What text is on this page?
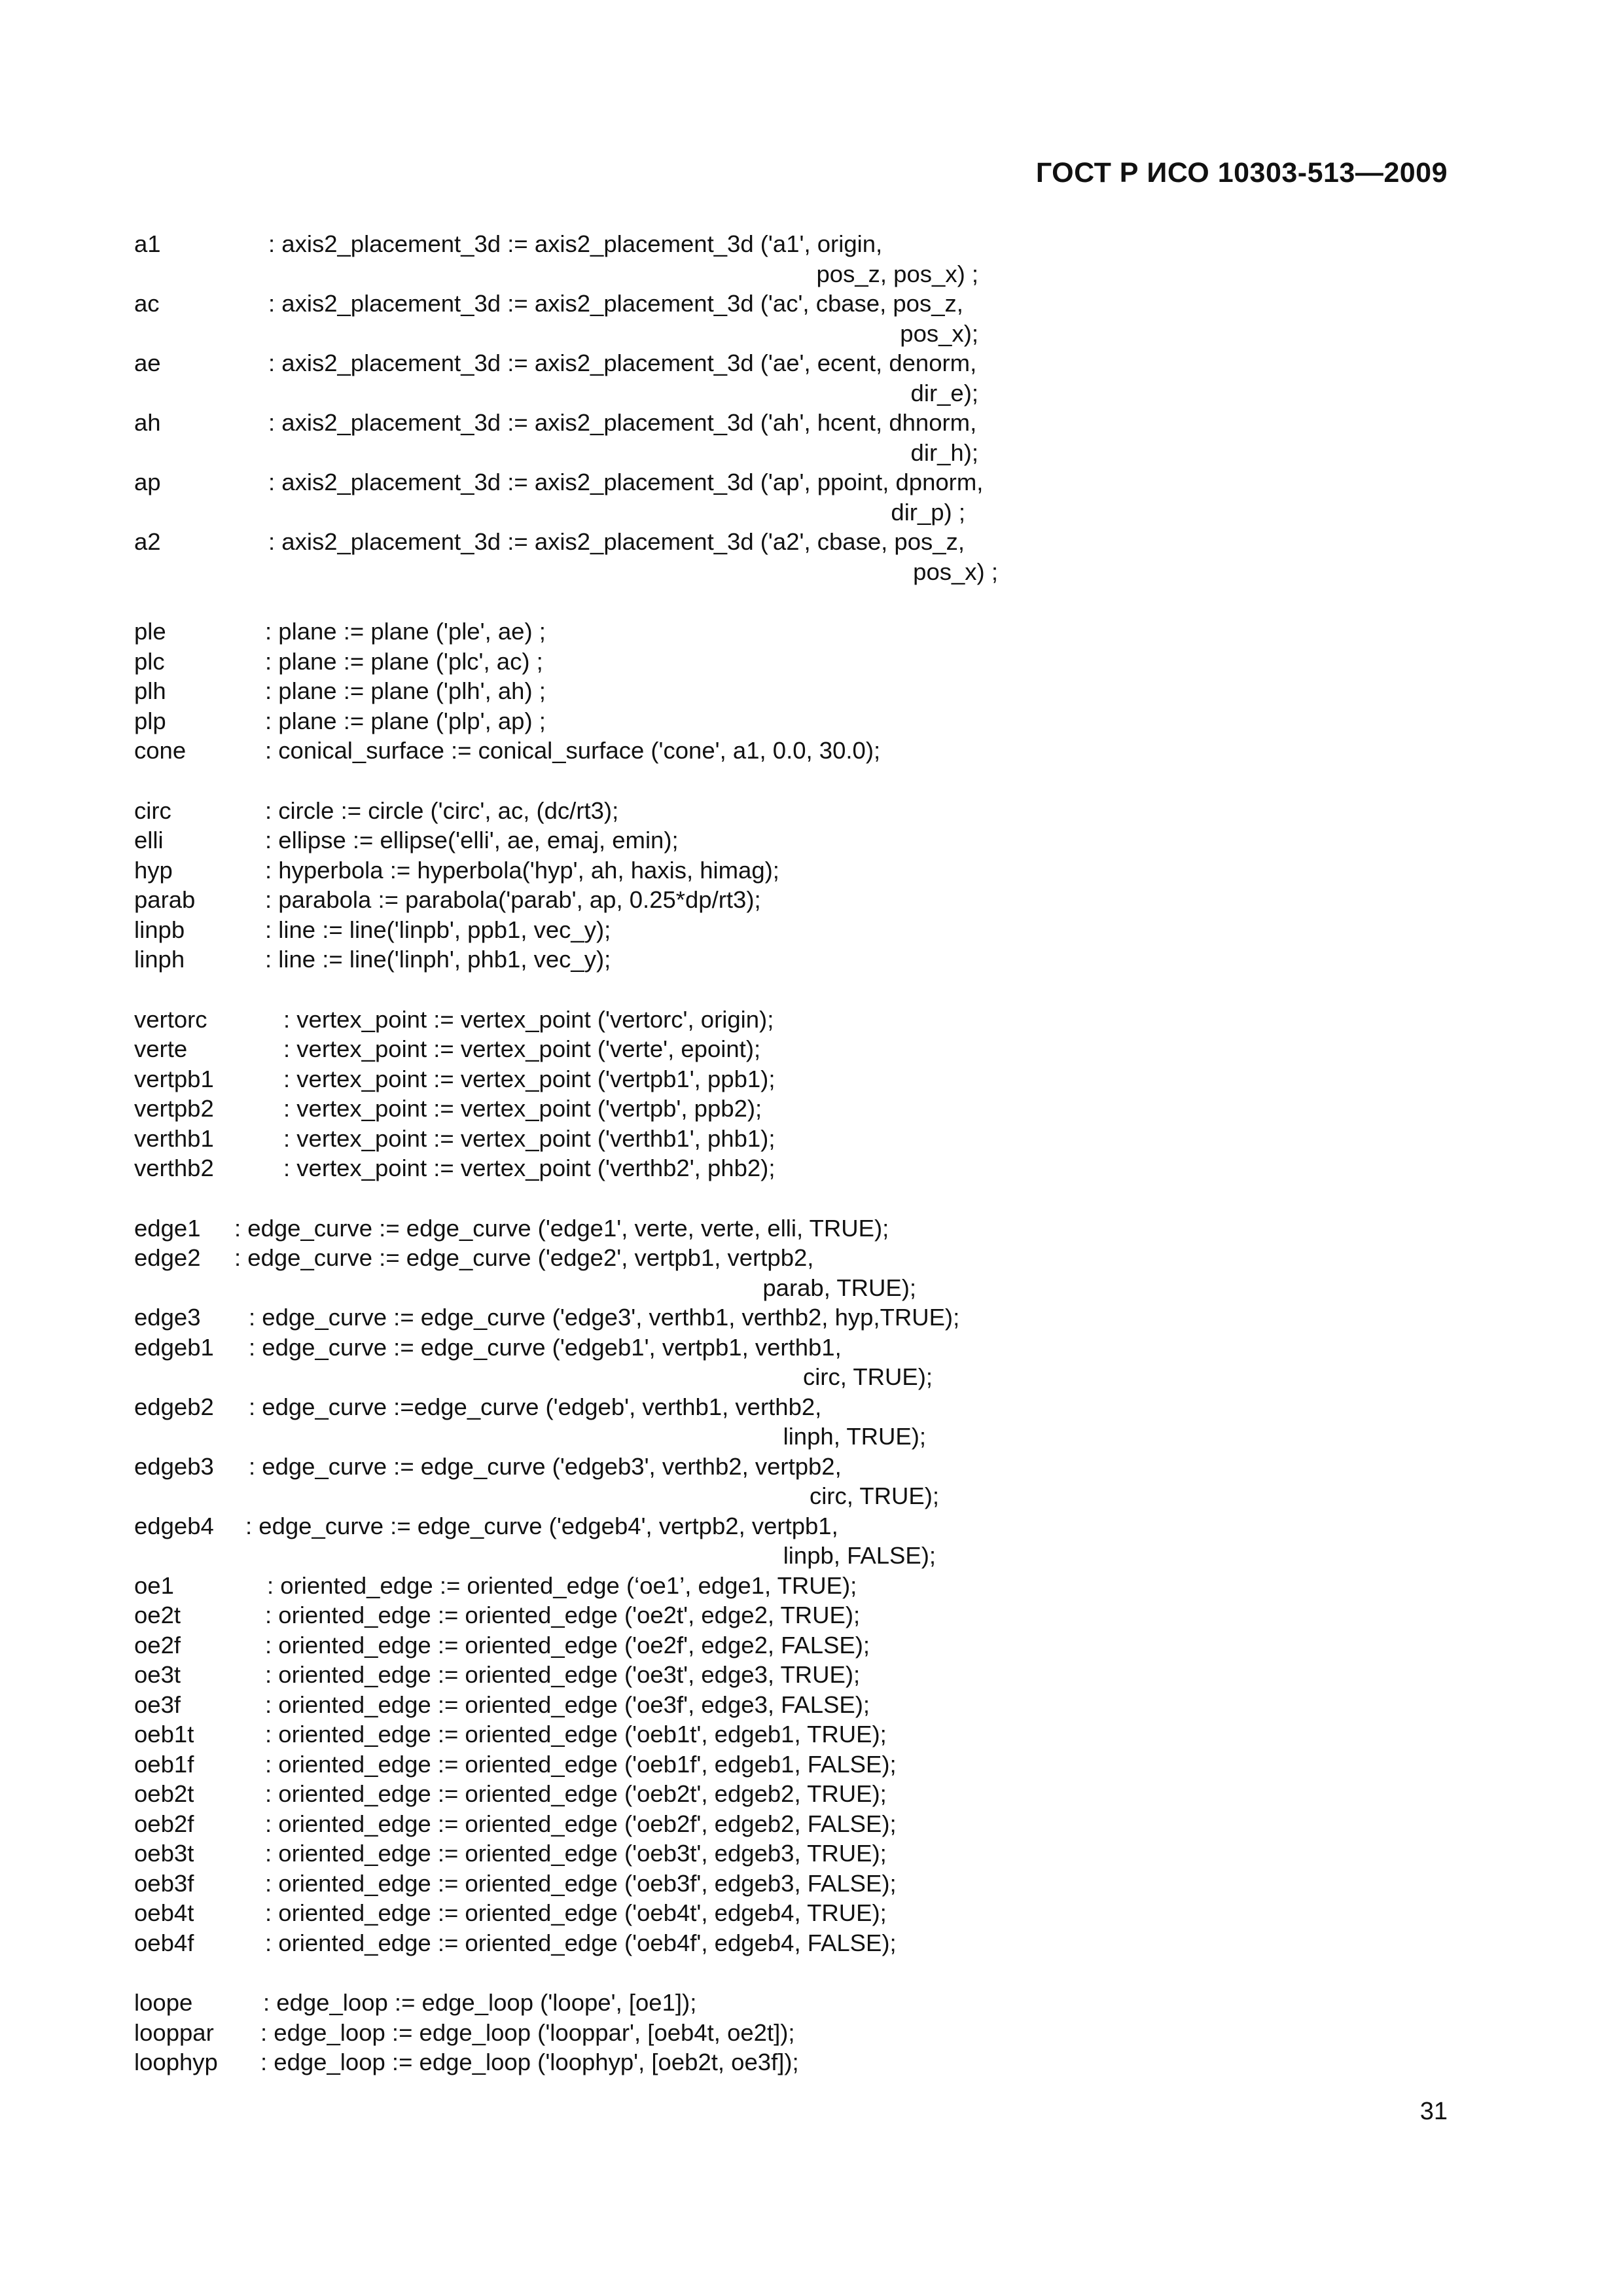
ГОСТ Р ИСО 10303-513—2009
a1	: axis2_placement_3d := axis2_placement_3d ('a1', origin,
pos_z, pos_x) ;
ac	: axis2_placement_3d := axis2_placement_3d ('ac', cbase, pos_z,
pos_x);
ae	: axis2_placement_3d := axis2_placement_3d ('ae', ecent, denorm,
dir_e);
ah	: axis2_placement_3d := axis2_placement_3d ('ah', hcent, dhnorm,
dir_h);
ap	: axis2_placement_3d := axis2_placement_3d ('ap', ppoint, dpnorm,
dir_p) ;
a2	: axis2_placement_3d := axis2_placement_3d ('a2', cbase, pos_z,
pos_x) ;
ple	: plane := plane ('ple', ae) ;
plc	: plane := plane ('plc', ac) ;
plh	: plane := plane ('plh', ah) ;
plp	: plane := plane ('plp', ap) ;
cone	: conical_surface := conical_surface ('cone', a1, 0.0, 30.0);
circ	: circle := circle ('circ', ac, (dc/rt3);
elli	: ellipse := ellipse('elli', ae, emaj, emin);
hyp	: hyperbola := hyperbola('hyp', ah, haxis, himag);
parab	: parabola := parabola('parab', ap, 0.25*dp/rt3);
linpb	: line := line('linpb', ppb1, vec_y);
linph	: line := line('linph', phb1, vec_y);
vertorc	: vertex_point := vertex_point ('vertorc', origin);
verte	: vertex_point := vertex_point ('verte', epoint);
vertpb1	: vertex_point := vertex_point ('vertpb1', ppb1);
vertpb2	: vertex_point := vertex_point ('vertpb', ppb2);
verthb1	: vertex_point := vertex_point ('verthb1', phb1);
verthb2	: vertex_point := vertex_point ('verthb2', phb2);
edge1 : edge_curve := edge_curve ('edge1', verte, verte, elli, TRUE);
edge2 : edge_curve := edge_curve ('edge2', vertpb1, vertpb2,
parab, TRUE);
edge3 : edge_curve := edge_curve ('edge3', verthb1, verthb2, hyp,TRUE);
edgeb1 : edge_curve := edge_curve ('edgeb1', vertpb1, verthb1,
circ, TRUE);
edgeb2 : edge_curve :=edge_curve ('edgeb', verthb1, verthb2,
linph, TRUE);
edgeb3 : edge_curve := edge_curve ('edgeb3', verthb2, vertpb2,
circ, TRUE);
edgeb4 : edge_curve := edge_curve ('edgeb4', vertpb2, vertpb1,
linpb, FALSE);
oe1	: oriented_edge := oriented_edge (‘oe1’, edge1, TRUE);
oe2t	: oriented_edge := oriented_edge ('oe2t', edge2, TRUE);
oe2f	: oriented_edge := oriented_edge ('oe2f', edge2, FALSE);
oe3t	: oriented_edge := oriented_edge ('oe3t', edge3, TRUE);
oe3f	: oriented_edge := oriented_edge ('oe3f', edge3, FALSE);
oeb1t	: oriented_edge := oriented_edge ('oeb1t', edgeb1, TRUE);
oeb1f	: oriented_edge := oriented_edge ('oeb1f', edgeb1, FALSE);
oeb2t	: oriented_edge := oriented_edge ('oeb2t', edgeb2, TRUE);
oeb2f	: oriented_edge := oriented_edge ('oeb2f', edgeb2, FALSE);
oeb3t	: oriented_edge := oriented_edge ('oeb3t', edgeb3, TRUE);
oeb3f	: oriented_edge := oriented_edge ('oeb3f', edgeb3, FALSE);
oeb4t	: oriented_edge := oriented_edge ('oeb4t', edgeb4, TRUE);
oeb4f	: oriented_edge := oriented_edge ('oeb4f', edgeb4, FALSE);
loope	: edge_loop := edge_loop ('loope', [oe1]);
looppar : edge_loop := edge_loop ('looppar', [oeb4t, oe2t]);
loophyp : edge_loop := edge_loop ('loophyp', [oeb2t, oe3f]);
31
